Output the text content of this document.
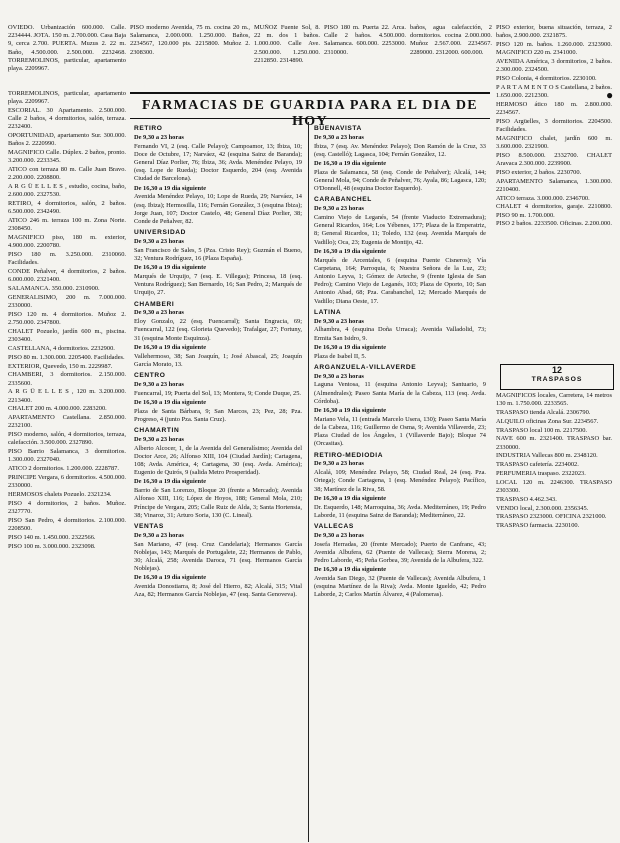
●

OVIEDO. Urbanización 600.000. Calle. 2234444. JOTA. 150 m. 2.700.000. Casa Baja 9, cerca 2.700. PUERTA. Muzus 2. 22 m. Baño, 4.500.000. 2.500.000. 2232468. TORREMOLINOS, particular, apartamento playa. 2209967.

PISO moderno Avenida, 75 m. cocina 20 m., Salamanca, 2.000.000. 1.250.000. Baños, 2234567, 120.000 pts. 2215800. Muñoz 2. 2308300.

MUÑOZ Fuente Sol, 8. 22 m. dos 1 baños. 1.000.000. Calle Ave. 2.500.000. 1.250.000. 2212850. 2314890.

PISO 180 m. Puerta 22. Arca. Calle 2 baños. 4.500.000. Salamanca. 600.000. 2253000. 2310000.

baños, agua calefacción, 2 dormitorios. cocina 2.000.000. Muñoz 2.567.000. 2234567. 2289000. 2312000. 600.000.

TORREMOLINOS, particular, apartamento playa. 2209967.

ESCORIAL. 30 Apartamento. 2.500.000. Calle 2 baños, 4 dormitorios, salón, terraza. 2232400.

OPORTUNIDAD, apartamento Sur. 300.000. Baños 2. 2220990.

MAGNIFICO Calle. Dúplex. 2 baños, pronto. 3.200.000. 2233345.

ATICO con terraza 80 m. Calle Juan Bravo. 2.200.000. 2208800.

A R G Ü E L L E S , estudio, cocina, baño, 2.600.000. 2327530.

RETIRO, 4 dormitorios, salón, 2 baños. 6.500.000. 2342490.

ATICO 246 m. terraza 100 m. Zona Norte. 2308450.

MAGNIFICO piso, 180 m. exterior, 4.900.000. 2200780.

PISO 180 m. 3.250.000. 2310060. Facilidades.

CONDE Peñalver, 4 dormitorios, 2 baños. 6.000.000. 2321400.

SALAMANCA. 350.000. 2310900.

GENERALISIMO, 200 m. 7.000.000. 2330000.

PISO 120 m. 4 dormitorios. Muñoz 2. 2.750.000. 2347800.

CHALET Pozuelo, jardín 600 m., piscina. 2303400.

CASTELLANA, 4 dormitorios. 2232900.

PISO 80 m. 1.300.000. 2205400. Facilidades.

EXTERIOR, Quevedo, 150 m. 2229987.

CHAMBERI, 3 dormitorios. 2.150.000. 2335600.

A R G Ü E L L E S , 120 m. 3.200.000. 2213400.

CHALET 200 m. 4.000.000. 2283200.

APARTAMENTO Castellana. 2.850.000. 2232100.

PISO moderno, salón, 4 dormitorios, terraza, calefacción. 3.500.000. 2327890.

PISO Barrio Salamanca, 3 dormitorios. 1.300.000. 2327040.

ATICO 2 dormitorios. 1.200.000. 2228787.

PRINCIPE Vergara, 6 dormitorios. 4.500.000. 2330000.

HERMOSOS chalets Pozuelo. 2321234.

PISO 4 dormitorios, 2 baños. Muñoz. 2327770.

PISO San Pedro, 4 dormitorios. 2.100.000. 2208500.

PISO 140 m. 1.450.000. 2322566.

PISO 100 m. 3.000.000. 2323098.

PISO exterior, buena situación, terraza, 2 baños, 2.900.000. 2321875.

PISO 120 m. baños. 1.260.000. 2323900. MAGNIFICO 220 m. 2341000.

AVENIDA América, 3 dormitorios, 2 baños. 2.300.000. 2324500.

PISO Colonia, 4 dormitorios. 2230100.

P A R T A M E N T O S Castellana, 2 baños. 1.650.000. 2212300.

HERMOSO ático 180 m. 2.800.000. 2234567.

PISO Argüelles, 3 dormitorios. 2204500. Facilidades.

MAGNIFICO chalet, jardín 600 m. 3.600.000. 2321900.

PISO 8.500.000. 2332700. CHALET Aravaca 2.300.000. 2239900.

PISO exterior, 2 baños. 2230700.

APARTAMENTO Salamanca, 1.300.000. 2210400.

ATICO terraza. 3.000.000. 2346700.

CHALET 4 dormitorios, garaje. 2210800. PISO 90 m. 1.700.000.

PISO 2 baños. 2233500. Oficinas. 2.200.000.

12
TRASPASOS

MAGNIFICOS locales, Carretera, 14 metros 130 m. 1.750.000. 2233565.

TRASPASO tienda Alcalá. 2306790.

ALQUILO oficinas Zona Sur. 2234567.

TRASPASO local 100 m. 2217500.

NAVE 600 m. 2321400. TRASPASO bar. 2330000.

INDUSTRIA Vallecas 800 m. 2348120.

TRASPASO cafetería. 2234002.

PERFUMERIA traspaso. 2322023.

LOCAL 120 m. 2246300. TRASPASO 2303300.

TRASPASO 4.462.343.

VENDO local, 2.300.000. 2356345.

TRASPASO 2323000. OFICINA 2321000.

TRASPASO farmacia. 2230100.

FARMACIAS DE GUARDIA PARA EL DIA DE HOY

RETIRO

De 9,30 a 23 horas

Fernando VI, 2 (esq. Calle Pelayo); Campoamor, 13; Ibiza, 10; Doce de Octubre, 17; Narváez, 42 (esquina Sainz de Baranda); General Díaz Porlier, 76; Ibiza, 36; Avda. Menéndez Pelayo, 19 (esq. Lope de Rueda); Doctor Esquerdo, 204 (esq. Avenida Ciudad de Barcelona).

De 16,30 a 19 dia siguiente

Avenida Menéndez Pelayo, 10; Lope de Rueda, 29; Narváez, 14 (esq. Ibiza); Hermosilla, 116; Fernán González, 3 (esquina Ibiza); Jorge Juan, 107; Doctor Castelo, 48; General Díaz Porlier, 38; Conde de Peñalver, 82.

UNIVERSIDAD

De 9,30 a 23 horas

San Francisco de Sales, 5 (Pza. Cristo Rey); Guzmán el Bueno, 32; Ventura Rodríguez, 16 (Plaza España).

De 16,30 a 19 dia siguiente

Marqués de Urquijo, 7 (esq. E. Villegas); Princesa, 18 (esq. Ventura Rodríguez); San Bernardo, 16; San Pedro, 2; Marqués de Urquijo, 27.

CHAMBERI

De 9,30 a 23 horas

Eloy Gonzalo, 22 (esq. Fuencarral); Santa Engracia, 69; Fuencarral, 122 (esq. Glorieta Quevedo); Trafalgar, 27; Fortuny, 31 (esquina Monte Esquinza).

De 16,30 a 19 dia siguiente

Vallehermoso, 38; San Joaquín, 1; José Abascal, 25; Joaquín García Morato, 13.

CENTRO

De 9,30 a 23 horas

Fuencarral, 19; Puerta del Sol, 13; Montera, 9; Conde Duque, 25.

De 16,30 a 19 dia siguiente

Plaza de Santa Bárbara, 9; San Marcos, 23; Pez, 28; Pza. Progreso, 4 (junto Pza. Santa Cruz).

CHAMARTIN

De 9,30 a 23 horas

Alberto Alcocer, 1, de la Avenida del Generalísimo; Avenida del Doctor Arce, 26; Alfonso XIII, 104 (Ciudad Jardín); Cartagena, 108; Avda. América, 4; Cartagena, 30 (esq. Avda. América); Eugenio de Quirós, 9 (salida Metro Prosperidad).

De 16,30 a 19 dia siguiente

Barrio de San Lorenzo, Bloque 20 (frente a Mercado); Avenida Alfonso XIII, 116; López de Hoyos, 188; General Mola, 210; Príncipe de Vergara, 205; Calle Ruiz de Alda, 3; Santa Hortensia, 38; Vinaroz, 31; Arturo Soria, 130 (C. Lineal).

VENTAS

De 9,30 a 23 horas

San Mariano, 47 (esq. Cruz Candelaria); Hermanos García Noblejas, 143; Marqués de Portugalete, 22; Hermanos de Pablo, 30; Alcalá, 258; Avenida Daroca, 71 (esq. Hermanos García Noblejas).

De 16,30 a 19 dia siguiente

Avenida Donostiarra, 8; José del Hierro, 82; Alcalá, 315; Vital Aza, 82; Hermanos García Noblejas, 47 (esq. Santa Genoveva).

BUENAVISTA

De 9,30 a 23 horas

Ibiza, 7 (esq. Av. Menéndez Pelayo); Don Ramón de la Cruz, 33 (esq. Castelló); Lagasca, 104; Fernán González, 12.

De 16,30 a 19 dia siguiente

Plaza de Salamanca, 58 (esq. Conde de Peñalver); Alcalá, 144; General Mola, 94; Conde de Peñalver, 76; Ayala, 86; Lagasca, 120; O'Donnell, 48 (esquina Doctor Esquerdo).

CARABANCHEL

De 9,30 a 23 horas

Camino Viejo de Leganés, 54 (frente Viaducto Extremadura); General Ricardos, 164; Los Yébenes, 177; Plaza de la Emperatriz, 8; General Ricardos, 11; Toledo, 132 (esq. Avenida Marqués de Vadillo); Oca, 23; Eugenia de Montijo, 42.

De 16,30 a 19 dia siguiente

Marqués de Arcentales, 6 (esquina Fuente Cisneros); Vía Carpetana, 164; Parroquia, 6; Nuestra Señora de la Luz, 23; Antonio Leyva, 1; Gómez de Arteche, 9 (frente Iglesia de San Pedro); Camino Viejo de Leganés, 103; Plaza de Oporto, 10; San Antonio Abad, 68; Pza. Carabanchel, 12; Mercado Marqués de Vadillo; Diana Oeste, 17.

LATINA

De 9,30 a 23 horas

Alhambra, 4 (esquina Doña Urraca); Avenida Valladolid, 73; Ermita San Isidro, 9.

De 16,30 a 19 dia siguiente

Plaza de Isabel II, 5.

ARGANZUELA-VILLAVERDE

De 9,30 a 23 horas

Laguna Ventosa, 11 (esquina Antonio Leyva); Santuario, 9 (Almendrales); Paseo Santa María de la Cabeza, 113 (esq. Avda. Córdoba).

De 16,30 a 19 dia siguiente

Mariano Vela, 11 (entrada Marcelo Usera, 130); Paseo Santa María de la Cabeza, 116; Guillermo de Osma, 9; Avenida Villaverde, 23; Plaza Ciudad de los Ángeles, 1 (Villaverde Bajo); Bloque 74 (Orcasitas).

RETIRO-MEDIODIA

De 9,30 a 23 horas

Alcalá, 109; Menéndez Pelayo, 58; Ciudad Real, 24 (esq. Pza. Ortega); Conde Cartagena, 1 (esq. Menéndez Pelayo); Pacífico, 38; Martínez de la Riva, 58.

De 16,30 a 19 dia siguiente

Dr. Esquerdo, 148; Marroquina, 36; Avda. Mediterráneo, 19; Pedro Laborde, 11 (esquina Sainz de Baranda); Mediterráneo, 22.

VALLECAS

De 9,30 a 23 horas

Josefa Herradas, 20 (frente Mercado); Puerto de Canfranc, 43; Avenida Albufera, 62 (Puente de Vallecas); Sierra Morena, 2; Pedro Laborde, 45; Peña Gorbea, 39; Avenida de la Albufera, 322.

De 16,30 a 19 dia siguiente

Avenida San Diego, 32 (Puente de Vallecas); Avenida Albufera, 1 (esquina Martínez de la Riva); Avda. Monte Igueldo, 42; Pedro Laborde, 2; Carlos Martín Álvarez, 4 (Palomeras).
